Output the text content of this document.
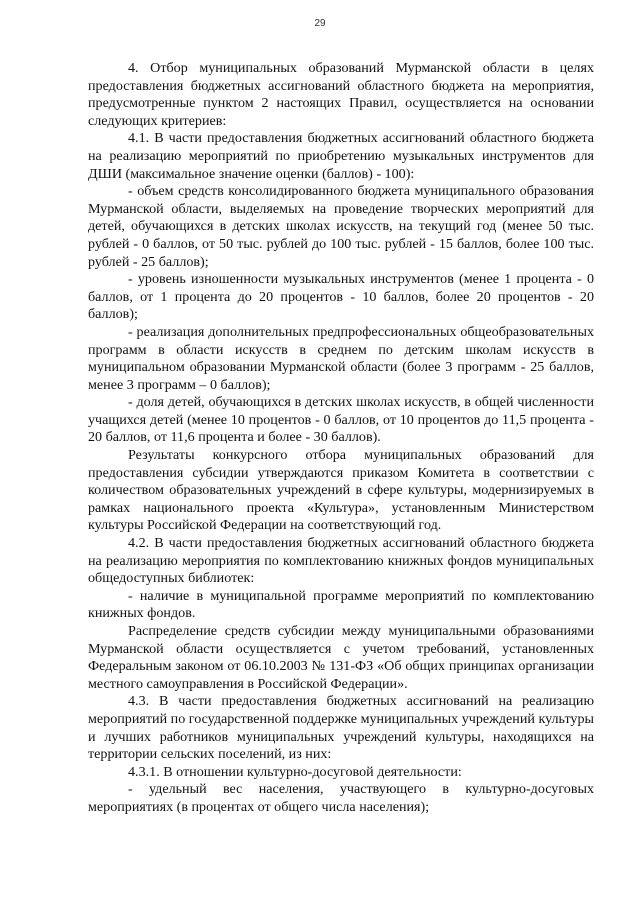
29

4. Отбор муниципальных образований Мурманской области в целях предоставления бюджетных ассигнований областного бюджета на мероприятия, предусмотренные пунктом 2 настоящих Правил, осуществляется на основании следующих критериев:

4.1. В части предоставления бюджетных ассигнований областного бюджета на реализацию мероприятий по приобретению музыкальных инструментов для ДШИ (максимальное значение оценки (баллов) - 100):

- объем средств консолидированного бюджета муниципального образования Мурманской области, выделяемых на проведение творческих мероприятий для детей, обучающихся в детских школах искусств, на текущий год (менее 50 тыс. рублей - 0 баллов, от 50 тыс. рублей до 100 тыс. рублей - 15 баллов, более 100 тыс. рублей - 25 баллов);

- уровень изношенности музыкальных инструментов (менее 1 процента - 0 баллов, от 1 процента до 20 процентов - 10 баллов, более 20 процентов - 20 баллов);

- реализация дополнительных предпрофессиональных общеобразовательных программ в области искусств в среднем по детским школам искусств в муниципальном образовании Мурманской области (более 3 программ - 25 баллов, менее 3 программ – 0 баллов);

- доля детей, обучающихся в детских школах искусств, в общей численности учащихся детей (менее 10 процентов - 0 баллов, от 10 процентов до 11,5 процента - 20 баллов, от 11,6 процента и более - 30 баллов).

Результаты конкурсного отбора муниципальных образований для предоставления субсидии утверждаются приказом Комитета в соответствии с количеством образовательных учреждений в сфере культуры, модернизируемых в рамках национального проекта «Культура», установленным Министерством культуры Российской Федерации на соответствующий год.

4.2. В части предоставления бюджетных ассигнований областного бюджета на реализацию мероприятия по комплектованию книжных фондов муниципальных общедоступных библиотек:

- наличие в муниципальной программе мероприятий по комплектованию книжных фондов.

Распределение средств субсидии между муниципальными образованиями Мурманской области осуществляется с учетом требований, установленных Федеральным законом от 06.10.2003 № 131-ФЗ «Об общих принципах организации местного самоуправления в Российской Федерации».

4.3. В части предоставления бюджетных ассигнований на реализацию мероприятий по государственной поддержке муниципальных учреждений культуры и лучших работников муниципальных учреждений культуры, находящихся на территории сельских поселений, из них:

4.3.1. В отношении культурно-досуговой деятельности:

- удельный вес населения, участвующего в культурно-досуговых мероприятиях (в процентах от общего числа населения);
